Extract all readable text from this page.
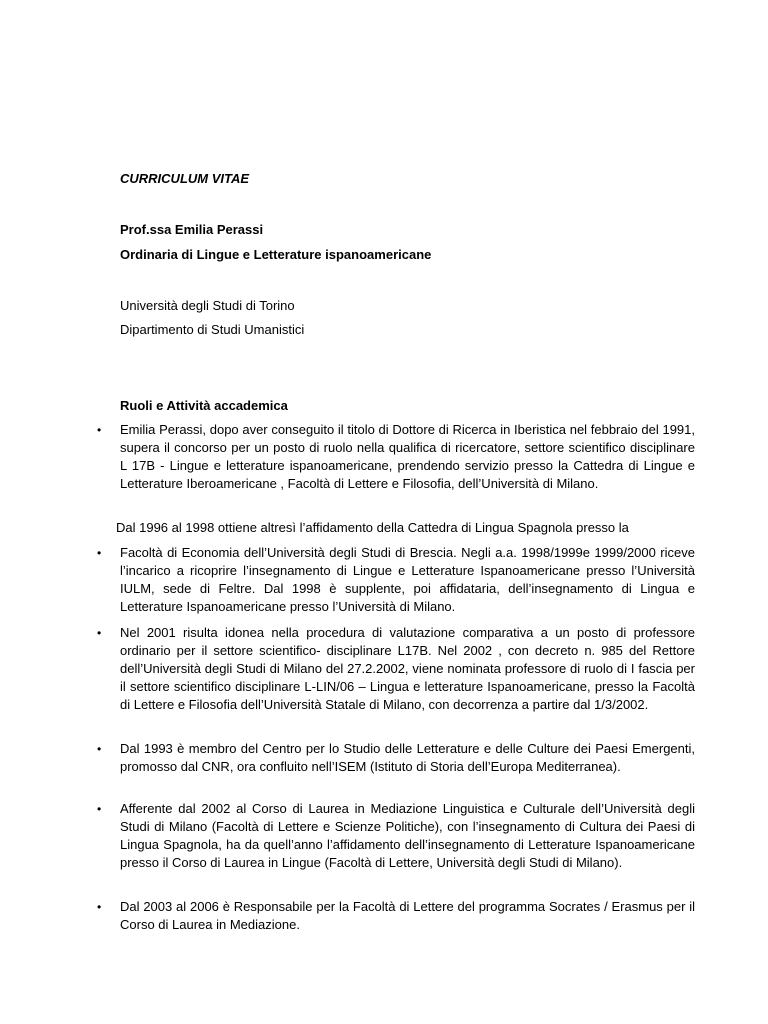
CURRICULUM VITAE
Prof.ssa Emilia Perassi
Ordinaria di Lingue e Letterature ispanoamericane
Università degli Studi di Torino
Dipartimento di Studi Umanistici
Ruoli e Attività accademica
• Emilia Perassi, dopo aver conseguito il titolo di Dottore di Ricerca in Iberistica nel febbraio del 1991, supera il concorso per un posto di ruolo nella qualifica di ricercatore, settore scientifico disciplinare L 17B - Lingue e letterature ispanoamericane, prendendo servizio presso la Cattedra di Lingue e Letterature Iberoamericane , Facoltà di Lettere e Filosofia, dell’Università di Milano.

Dal 1996 al 1998 ottiene altresì l’affidamento della Cattedra di Lingua Spagnola presso la
• Facoltà di Economia dell’Università degli Studi di Brescia. Negli a.a. 1998/1999e 1999/2000 riceve l’incarico a ricoprire l’insegnamento di Lingue e Letterature Ispanoamericane presso l’Università IULM, sede di Feltre. Dal 1998 è supplente, poi affidataria, dell’insegnamento di Lingua e Letterature Ispanoamericane presso l’Università di Milano.

• Nel 2001 risulta idonea nella procedura di valutazione comparativa a un posto di professore ordinario per il settore scientifico- disciplinare L17B. Nel 2002 , con decreto n. 985 del Rettore dell’Università degli Studi di Milano del 27.2.2002, viene nominata professore di ruolo di I fascia per il settore scientifico disciplinare L-LIN/06 – Lingua e letterature Ispanoamericane, presso la Facoltà di Lettere e Filosofia dell’Università Statale di Milano, con decorrenza a partire dal 1/3/2002.

• Dal 1993 è membro del Centro per lo Studio delle Letterature e delle Culture dei Paesi Emergenti, promosso dal CNR, ora confluito nell’ISEM (Istituto di Storia dell’Europa Mediterranea).

• Afferente dal 2002 al Corso di Laurea in Mediazione Linguistica e Culturale dell’Università degli Studi di Milano (Facoltà di Lettere e Scienze Politiche), con l’insegnamento di Cultura dei Paesi di Lingua Spagnola, ha da quell’anno l’affidamento dell’insegnamento di Letterature Ispanoamericane presso il Corso di Laurea in Lingue (Facoltà di Lettere, Università degli Studi di Milano).

• Dal 2003 al 2006 è Responsabile per la Facoltà di Lettere del programma Socrates / Erasmus per il Corso di Laurea in Mediazione.
